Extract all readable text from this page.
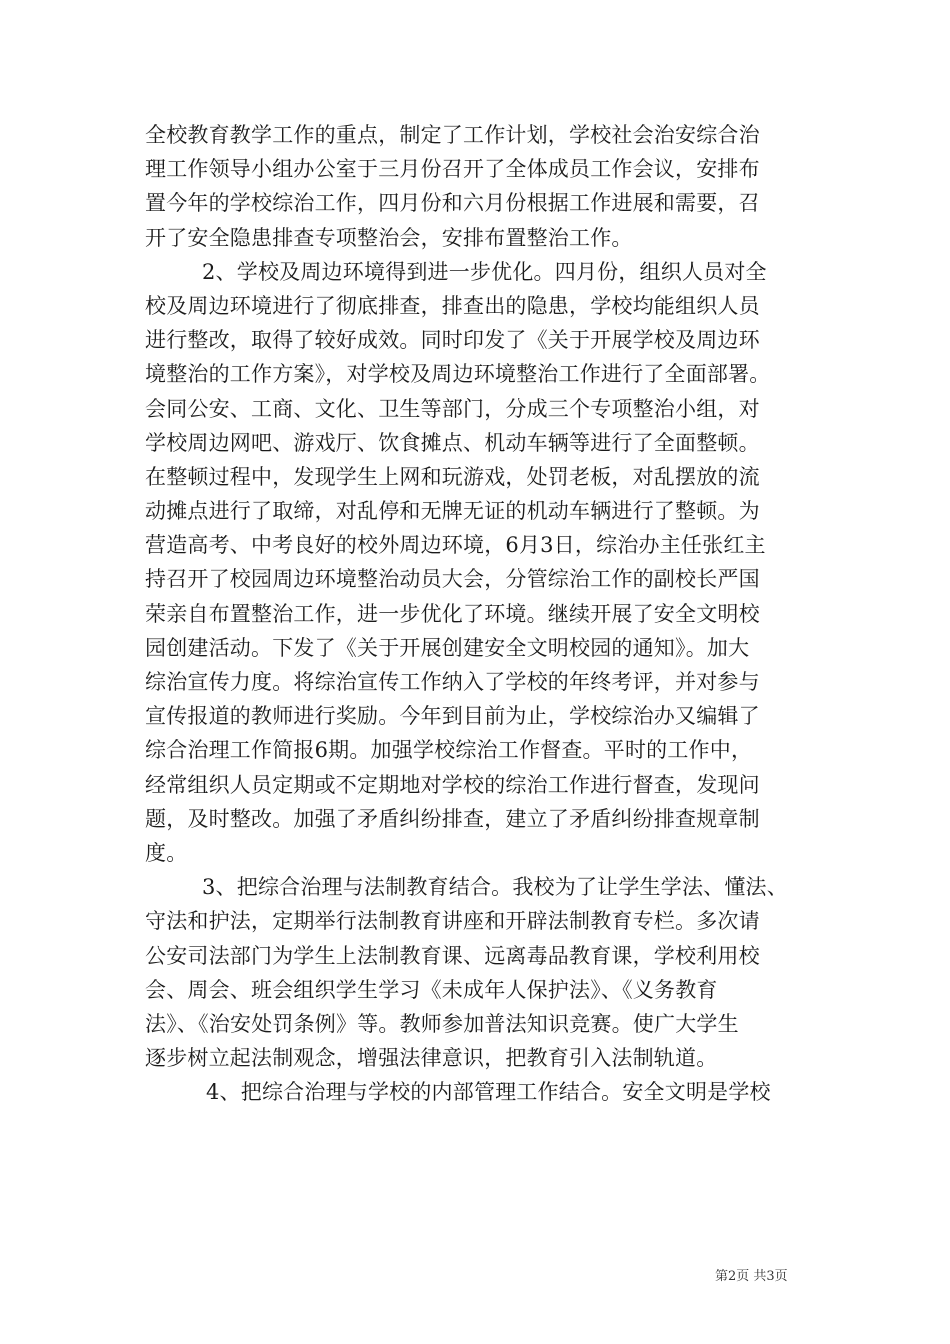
全校教育教学工作的重点，制定了工作计划，学校社会治安综合治
理工作领导小组办公室于三月份召开了全体成员工作会议，安排布
置今年的学校综治工作，四月份和六月份根据工作进展和需要，召
开了安全隐患排查专项整治会，安排布置整治工作。
2、学校及周边环境得到进一步优化。四月份，组织人员对全
校及周边环境进行了彻底排查，排查出的隐患，学校均能组织人员
进行整改，取得了较好成效。同时印发了《关于开展学校及周边环
境整治的工作方案》，对学校及周边环境整治工作进行了全面部署。
会同公安、工商、文化、卫生等部门，分成三个专项整治小组，对
学校周边网吧、游戏厅、饮食摊点、机动车辆等进行了全面整顿。
在整顿过程中，发现学生上网和玩游戏，处罚老板，对乱摆放的流
动摊点进行了取缔，对乱停和无牌无证的机动车辆进行了整顿。为
营造高考、中考良好的校外周边环境，6月3日，综治办主任张红主
持召开了校园周边环境整治动员大会，分管综治工作的副校长严国
荣亲自布置整治工作，进一步优化了环境。继续开展了安全文明校
园创建活动。下发了《关于开展创建安全文明校园的通知》。加大
综治宣传力度。将综治宣传工作纳入了学校的年终考评，并对参与
宣传报道的教师进行奖励。今年到目前为止，学校综治办又编辑了
综合治理工作简报6期。加强学校综治工作督查。平时的工作中，
经常组织人员定期或不定期地对学校的综治工作进行督查，发现问
题，及时整改。加强了矛盾纠纷排查，建立了矛盾纠纷排查规章制
度。
3、把综合治理与法制教育结合。我校为了让学生学法、懂法、
守法和护法，定期举行法制教育讲座和开辟法制教育专栏。多次请
公安司法部门为学生上法制教育课、远离毒品教育课，学校利用校
会、周会、班会组织学生学习《未成年人保护法》、《义务教育
法》、《治安处罚条例》等。教师参加普法知识竞赛。使广大学生
逐步树立起法制观念，增强法律意识，把教育引入法制轨道。
4、把综合治理与学校的内部管理工作结合。安全文明是学校
第2页 共3页
